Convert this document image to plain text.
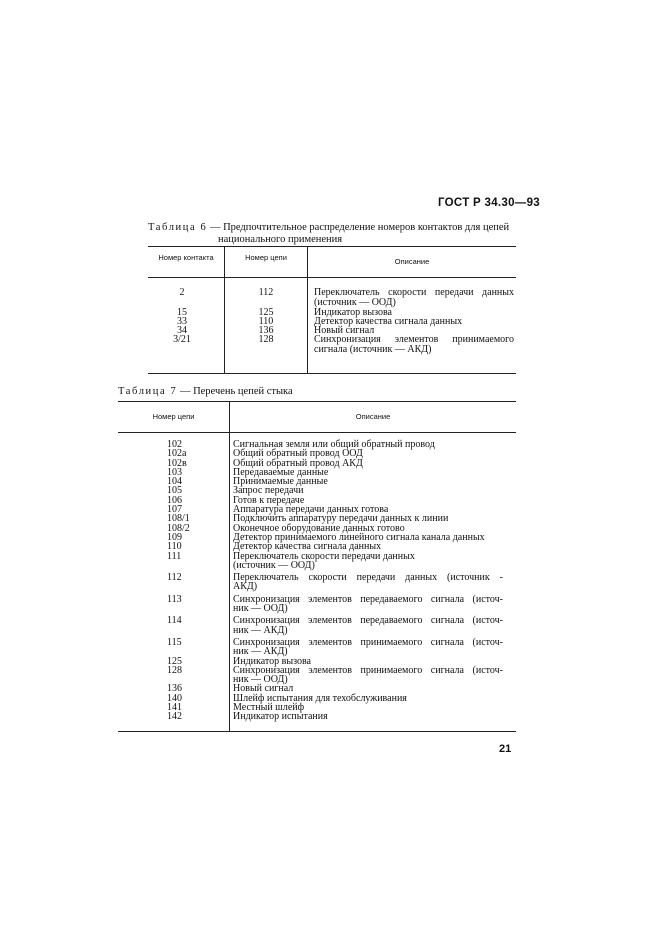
ГОСТ Р 34.30—93
Таблица 6 — Предпочтительное распределение номеров контактов для цепей
национального применения
Номер контакта	Номер цепи	Описание
2	112	Переключатель скорости передачи данных
(источник — ООД)
15	125	Индикатор вызова
33	110	Детектор качества сигнала данных
34	136	Новый сигнал
3/21	128	Синхронизация элементов принимаемого
сигнала (источник — АКД)
Таблица 7 — Перечень цепей стыка
Номер цепи	Описание
102	Сигнальная земля или общий обратный провод
102а	Общий обратный провод ООД
102в	Общий обратный провод АКД
103	Передаваемые данные
104	Принимаемые данные
105	Запрос передачи
106	Готов к передаче
107	Аппаратура передачи данных готова
108/1	Подключить аппаратуру передачи данных к линии
108/2	Оконечное оборудование данных готово
109	Детектор принимаемого линейного сигнала канала данных
110	Детектор качества сигнала данных
111	Переключатель скорости передачи данных
(источник — ООД)
112	Переключатель скорости передачи данных (источник -
АКД)
113	Синхронизация элементов передаваемого сигнала (источ-
ник — ООД)
114	Синхронизация элементов передаваемого сигнала (источ-
ник — АКД)
115	Синхронизация элементов принимаемого сигнала (источ-
ник — АКД)
125	Индикатор вызова
128	Синхронизация элементов принимаемого сигнала (источ-
ник — ООД)
136	Новый сигнал
140	Шлейф испытания для техобслуживания
141	Местный шлейф
142	Индикатор испытания
21
